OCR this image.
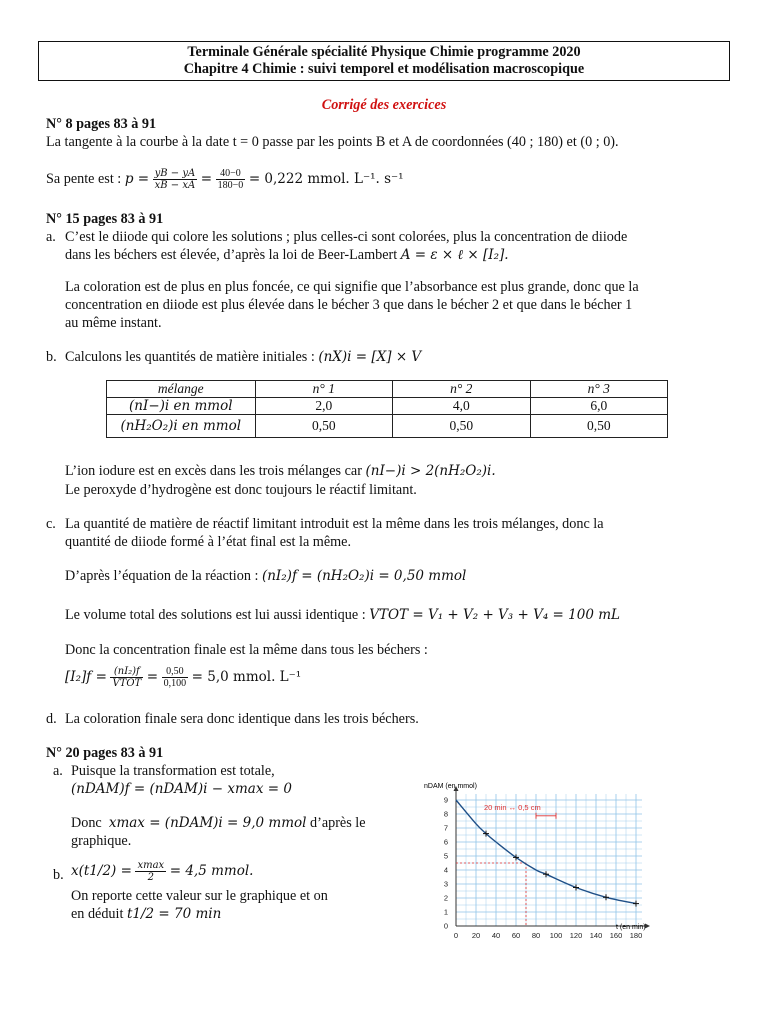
Terminale Générale spécialité Physique Chimie programme 2020
Chapitre 4 Chimie : suivi temporel et modélisation macroscopique
Corrigé des exercices
N° 8 pages 83 à 91
La tangente à la courbe à la date t = 0 passe par les points B et A de coordonnées (40 ; 180) et (0 ; 0).
Sa pente est :
p =
$\frac{yB - yA}{xB - xA}$
=
$\frac{40-0}{180-0}$
= 0,222 mmol. L⁻¹. s⁻¹
N° 15 pages 83 à 91
a. C’est le diiode qui colore les solutions ; plus celles-ci sont colorées, plus la concentration de diiode
dans les béchers est élevée, d’après la loi de Beer-Lambert A = ε × ℓ × [I₂].
La coloration est de plus en plus foncée, ce qui signifie que l’absorbance est plus grande, donc que la
concentration en diiode est plus élevée dans le bécher 3 que dans le bécher 2 et que dans le bécher 1
au même instant.
b. Calculons les quantités de matière initiales : (nX)i = [X] × V
mélange	n° 1	n° 2	n° 3
(nI−)i en mmol	2,0	4,0	6,0
(nH₂O₂)i en mmol	0,50	0,50	0,50
L’ion iodure est en excès dans les trois mélanges car (nI−)i > 2(nH₂O₂)i.
Le peroxyde d’hydrogène est donc toujours le réactif limitant.
c. La quantité de matière de réactif limitant introduit est la même dans les trois mélanges, donc la
quantité de diiode formé à l’état final est la même.
D’après l’équation de la réaction : (nI₂)f = (nH₂O₂)i = 0,50 mmol
Le volume total des solutions est lui aussi identique : VTOT = V₁ + V₂ + V₃ + V₄ = 100 mL
Donc la concentration finale est la même dans tous les béchers :
[I₂]f =
$\frac{\text{(nI₂)f}}{\text{VTOT}}$
=
$\frac{0,50}{0,100}$
= 5,0 mmol. L⁻¹
d. La coloration finale sera donc identique dans les trois béchers.
N° 20 pages 83 à 91
a. Puisque la transformation est totale,
(nDAM)f = (nDAM)i − xmax = 0
Donc xmax = (nDAM)i = 9,0 mmol d’après le
graphique.
b. x(t1/2) =
$\frac{xmax}{2}$
= 4,5 mmol.
On reporte cette valeur sur le graphique et on
en déduit t1/2 = 70 min
0 20 40 60 80 100 120 140 160 180
0
1
2
3
4
5
6
7
8
9
20 min ↔ 0,5 cm
nDAM (en mmol)
t (en min)
